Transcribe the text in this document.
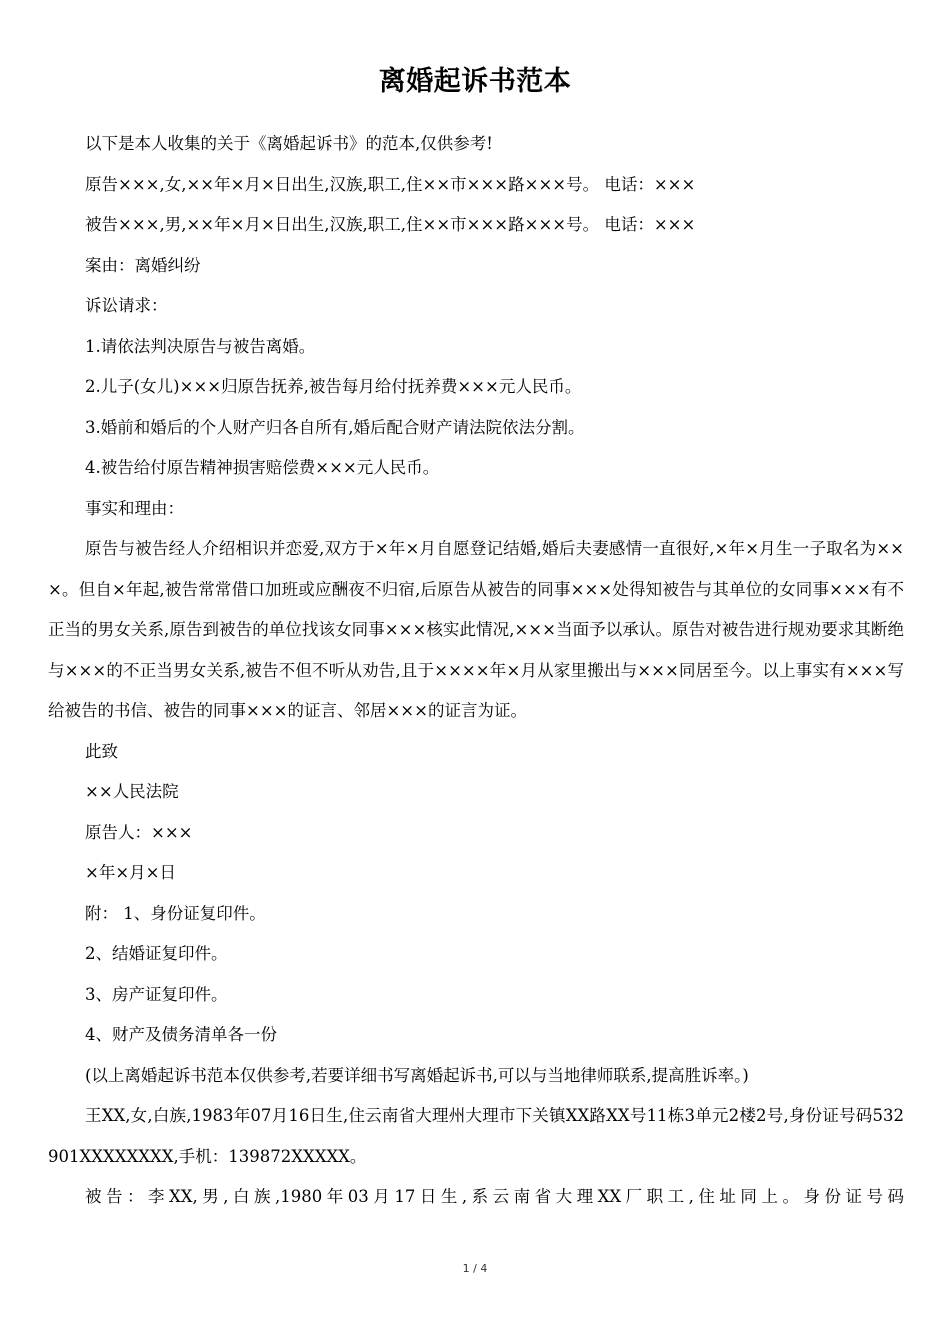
离婚起诉书范本

以下是本人收集的关于《离婚起诉书》的范本,仅供参考!

原告×××,女,××年×月×日出生,汉族,职工,住××市×××路×××号。 电话：×××

被告×××,男,××年×月×日出生,汉族,职工,住××市×××路×××号。 电话：×××

案由：离婚纠纷

诉讼请求：

1.请依法判决原告与被告离婚。

2.儿子(女儿)×××归原告抚养,被告每月给付抚养费×××元人民币。

3.婚前和婚后的个人财产归各自所有,婚后配合财产请法院依法分割。

4.被告给付原告精神损害赔偿费×××元人民币。

事实和理由：

原告与被告经人介绍相识并恋爱,双方于×年×月自愿登记结婚,婚后夫妻感情一直很好,×年×月生一子取名为×××。但自×年起,被告常常借口加班或应酬夜不归宿,后原告从被告的同事×××处得知被告与其单位的女同事×××有不正当的男女关系,原告到被告的单位找该女同事×××核实此情况,×××当面予以承认。原告对被告进行规劝要求其断绝与×××的不正当男女关系,被告不但不听从劝告,且于××××年×月从家里搬出与×××同居至今。以上事实有×××写给被告的书信、被告的同事×××的证言、邻居×××的证言为证。

此致

××人民法院

原告人：×××

×年×月×日

附： 1、身份证复印件。

2、结婚证复印件。

3、房产证复印件。

4、财产及债务清单各一份

(以上离婚起诉书范本仅供参考,若要详细书写离婚起诉书,可以与当地律师联系,提高胜诉率。)

王XX,女,白族,1983年07月16日生,住云南省大理州大理市下关镇XX路XX号11栋3单元2楼2号,身份证号码532901XXXXXXXX,手机：139872XXXXX。

被告：李XX,男,白族,1980年03月17日生,系云南省大理XX厂职工,住址同上。身份证号码

1 / 4
